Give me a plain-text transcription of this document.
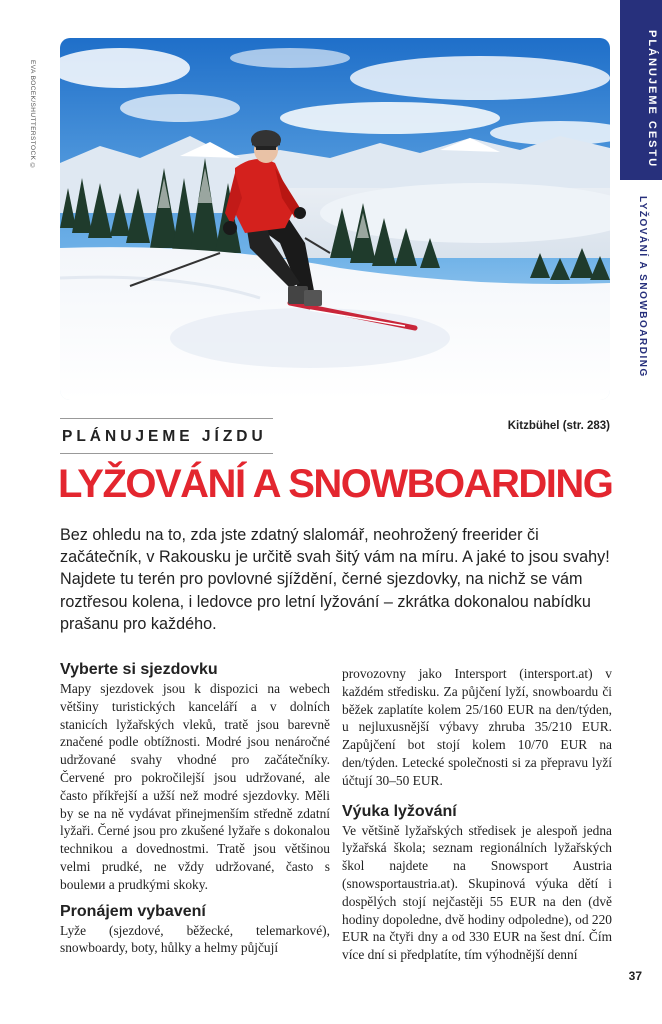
PLÁNUJEME CESTU
LYŽOVÁNÍ A SNOWBOARDING
EVA BOCEK/SHUTTERSTOCK ©
Kitzbühel (str. 283)
PLÁNUJEME JÍZDU
LYŽOVÁNÍ A SNOWBOARDING
Bez ohledu na to, zda jste zdatný slalomář, neohrožený freerider či
začátečník, v Rakousku je určitě svah šitý vám na míru. A jaké to jsou svahy!
Najdete tu terén pro povlovné sjíždění, černé sjezdovky, na nichž se vám
roztřesou kolena, i ledovce pro letní lyžování – zkrátka dokonalou nabídku
prašanu pro každého.
Vyberte si sjezdovku

Mapy sjezdovek jsou k dispozici na webech většiny turistických kanceláří a v dolních stanicích lyžařských vleků, tratě jsou barevně značené podle obtížnosti. Modré jsou nenáročné udržované svahy vhodné pro začátečníky. Červené pro pokročilejší jsou udržované, ale často příkřejší a užší než modré sjezdovky. Měli by se na ně vydávat přinejmenším středně zdatní lyžaři. Černé jsou pro zkušené lyžaře s dokonalou technikou a dovednostmi. Tratě jsou většinou velmi prudké, ne vždy udržované, často s bouleми a prudkými skoky.

Pronájem vybavení

Lyže (sjezdové, běžecké, telemarkové), snowboardy, boty, hůlky a helmy půjčují

provozovny jako Intersport (intersport.at) v každém středisku. Za půjčení lyží, snowboardu či běžek zaplatíte kolem 25/160 EUR na den/týden, u nejluxusnější výbavy zhruba 35/210 EUR. Zapůjčení bot stojí kolem 10/70 EUR na den/týden. Letecké společnosti si za přepravu lyží účtují 30–50 EUR.

Výuka lyžování

Ve většině lyžařských středisek je alespoň jedna lyžařská škola; seznam regionálních lyžařských škol najdete na Snowsport Austria (snowsportaustria.at). Skupinová výuka dětí i dospělých stojí nejčastěji 55 EUR na den (dvě hodiny dopoledne, dvě hodiny odpoledne), od 220 EUR na čtyři dny a od 330 EUR na šest dní. Čím více dní si předplatíte, tím výhodnější denní

37
